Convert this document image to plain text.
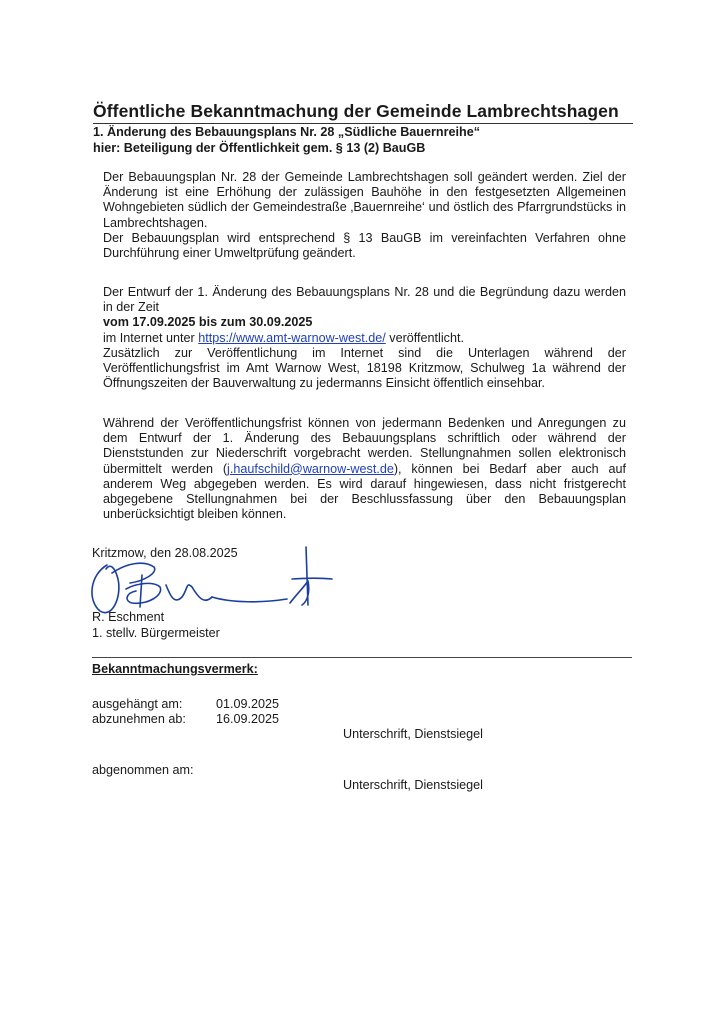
Öffentliche Bekanntmachung der Gemeinde Lambrechtshagen
1. Änderung des Bebauungsplans Nr. 28 „Südliche Bauernreihe“
hier: Beteiligung der Öffentlichkeit gem. § 13 (2) BauGB
Der Bebauungsplan Nr. 28 der Gemeinde Lambrechtshagen soll geändert werden. Ziel der Änderung ist eine Erhöhung der zulässigen Bauhöhe in den festgesetzten Allgemeinen Wohngebieten südlich der Gemeindestraße ‚Bauernreihe‘ und östlich des Pfarrgrundstücks in Lambrechtshagen.
Der Bebauungsplan wird entsprechend § 13 BauGB im vereinfachten Verfahren ohne Durchführung einer Umweltprüfung geändert.
Der Entwurf der 1. Änderung des Bebauungsplans Nr. 28 und die Begründung dazu werden in der Zeit
vom 17.09.2025 bis zum 30.09.2025
im Internet unter https://www.amt-warnow-west.de/ veröffentlicht.
Zusätzlich zur Veröffentlichung im Internet sind die Unterlagen während der Veröffentlichungsfrist im Amt Warnow West, 18198 Kritzmow, Schulweg 1a während der Öffnungszeiten der Bauverwaltung zu jedermanns Einsicht öffentlich einsehbar.
Während der Veröffentlichungsfrist können von jedermann Bedenken und Anregungen zu dem Entwurf der 1. Änderung des Bebauungsplans schriftlich oder während der Dienststunden zur Niederschrift vorgebracht werden. Stellungnahmen sollen elektronisch übermittelt werden (j.haufschild@warnow-west.de), können bei Bedarf aber auch auf anderem Weg abgegeben werden. Es wird darauf hingewiesen, dass nicht fristgerecht abgegebene Stellungnahmen bei der Beschlussfassung über den Bebauungsplan unberücksichtigt bleiben können.
Kritzmow, den 28.08.2025
R. Eschment
1. stellv. Bürgermeister
Bekanntmachungsvermerk:
ausgehängt am:	01.09.2025
abzunehmen ab: 16.09.2025
Unterschrift, Dienstsiegel
abgenommen am:
Unterschrift, Dienstsiegel
